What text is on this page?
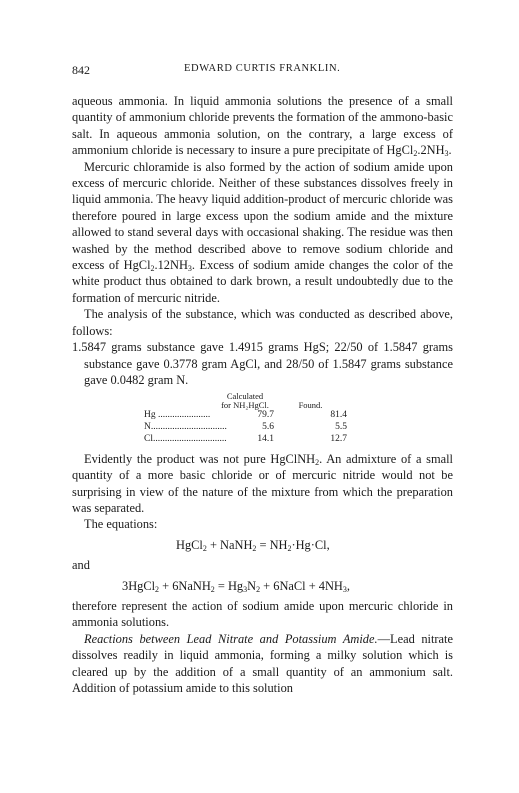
842	EDWARD CURTIS FRANKLIN.

aqueous ammonia. In liquid ammonia solutions the presence of a small quantity of ammonium chloride prevents the formation of the ammono-basic salt. In aqueous ammonia solution, on the contrary, a large excess of ammonium chloride is necessary to insure a pure precipitate of $HgCl_2.2NH_3$.

Mercuric chloramide is also formed by the action of sodium amide upon excess of mercuric chloride. Neither of these substances dissolves freely in liquid ammonia. The heavy liquid addition-product of mercuric chloride was therefore poured in large excess upon the sodium amide and the mixture allowed to stand several days with occasional shaking. The residue was then washed by the method described above to remove sodium chloride and excess of $HgCl_2.12NH_3$. Excess of sodium amide changes the color of the white product thus obtained to dark brown, a result undoubtedly due to the formation of mercuric nitride.

The analysis of the substance, which was conducted as described above, follows:

1.5847 grams substance gave 1.4915 grams HgS; 22/50 of 1.5847 grams substance gave 0.3778 gram AgCl, and 28/50 of 1.5847 grams substance gave 0.0482 gram N.

	Calculated
for NH₂HgCl.	Found.
Hg ......................	79.7	81.4
N................................	5.6	5.5
Cl...............................	14.1	12.7

Evidently the product was not pure HgClNH$_2$. An admixture of a small quantity of a more basic chloride or of mercuric nitride would not be surprising in view of the nature of the mixture from which the preparation was separated.

The equations:

HgCl$_2$ + NaNH$_2$ = $NH_2\cdot Hg\cdot Cl$,

and

3HgCl$_2$ + 6NaNH$_2$ = $Hg_3N_2$ + 6NaCl + $4NH_3$,

therefore represent the action of sodium amide upon mercuric chloride in ammonia solutions.

Reactions between Lead Nitrate and Potassium Amide.—Lead nitrate dissolves readily in liquid ammonia, forming a milky solution which is cleared up by the addition of a small quantity of an ammonium salt. Addition of potassium amide to this solution
